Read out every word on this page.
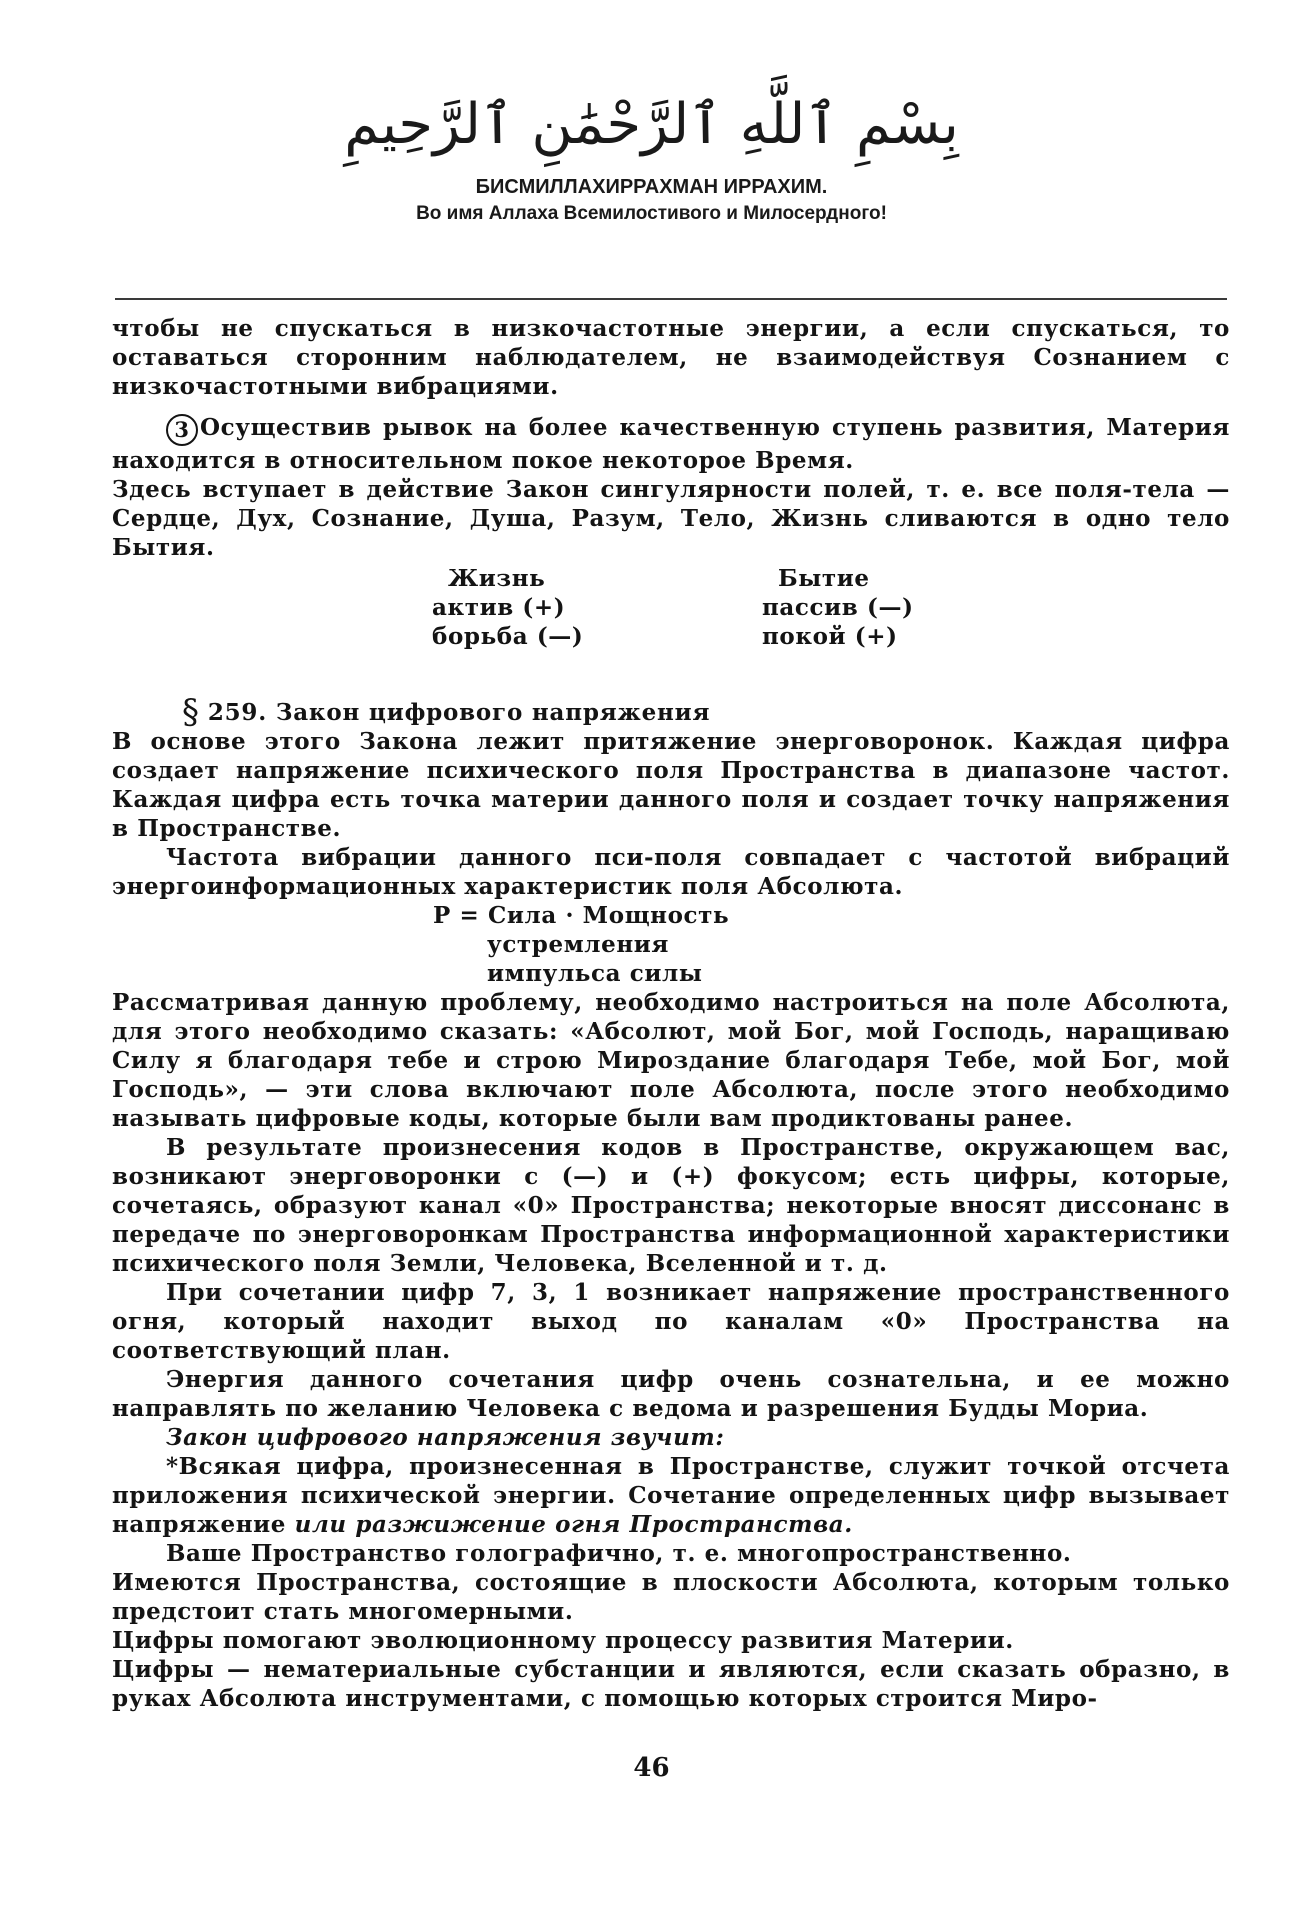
بِسْمِ ٱللَّهِ ٱلرَّحْمَٰنِ ٱلرَّحِيمِ
БИСМИЛЛАХИРРАХМАН ИРРАХИМ.
Во имя Аллаха Всемилостивого и Милосердного!

чтобы не спускаться в низкочастотные энергии, а если спускаться, то оставаться сторонним наблюдателем, не взаимодействуя Сознанием с низкочастотными вибрациями.

3 Осуществив рывок на более качественную ступень развития, Материя находится в относительном покое некоторое Время.

Здесь вступает в действие Закон сингулярности полей, т. е. все поля-тела — Сердце, Дух, Сознание, Душа, Разум, Тело, Жизнь сливаются в одно тело Бытия.

Жизнь
актив (+)
борьба (—)
Бытие
пассив (—)
покой (+)
§ 259. Закон цифрового напряжения

В основе этого Закона лежит притяжение энерговоронок. Каждая цифра создает напряжение психического поля Пространства в диапазоне частот. Каждая цифра есть точка материи данного поля и создает точку напряжения в Пространстве.

Частота вибрации данного пси-поля совпадает с частотой вибраций энергоинформационных характеристик поля Абсолюта.

Р = Сила · Мощность
устремления
импульса силы

Рассматривая данную проблему, необходимо настроиться на поле Абсолюта, для этого необходимо сказать: «Абсолют, мой Бог, мой Господь, наращиваю Силу я благодаря тебе и строю Мироздание благодаря Тебе, мой Бог, мой Господь», — эти слова включают поле Абсолюта, после этого необходимо называть цифровые коды, которые были вам продиктованы ранее.

В результате произнесения кодов в Пространстве, окружающем вас, возникают энерговоронки с (—) и (+) фокусом; есть цифры, которые, сочетаясь, образуют канал «0» Пространства; некоторые вносят диссонанс в передаче по энерговоронкам Пространства информационной характеристики психического поля Земли, Человека, Вселенной и т. д.

При сочетании цифр 7, 3, 1 возникает напряжение пространственного огня, который находит выход по каналам «0» Пространства на соответствующий план.

Энергия данного сочетания цифр очень сознательна, и ее можно направлять по желанию Человека с ведома и разрешения Будды Мориа.

Закон цифрового напряжения звучит:

*Всякая цифра, произнесенная в Пространстве, служит точкой отсчета приложения психической энергии. Сочетание определенных цифр вызывает напряжение или разжижение огня Пространства.

Ваше Пространство голографично, т. е. многопространственно.

Имеются Пространства, состоящие в плоскости Абсолюта, которым только предстоит стать многомерными.

Цифры помогают эволюционному процессу развития Материи.

Цифры — нематериальные субстанции и являются, если сказать образно, в руках Абсолюта инструментами, с помощью которых строится Миро-

46
